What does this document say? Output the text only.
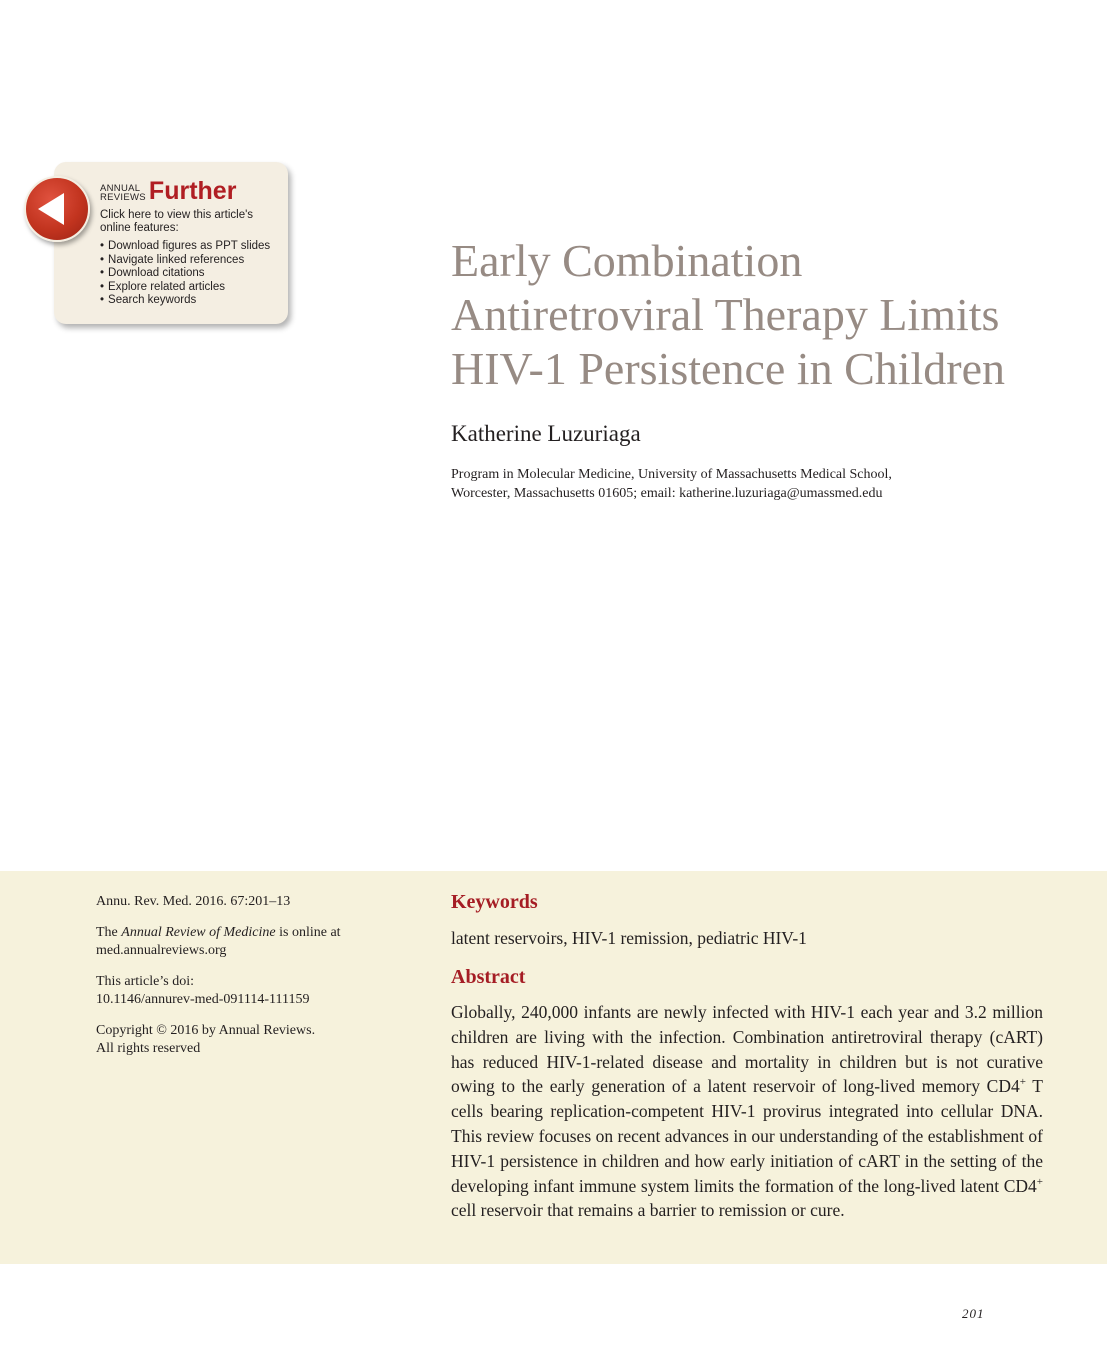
ANNUAL
REVIEWS Further
Click here to view this article's online features:
• Download figures as PPT slides
• Navigate linked references
• Download citations
• Explore related articles
• Search keywords
Early Combination
Antiretroviral Therapy Limits
HIV-1 Persistence in Children
Katherine Luzuriaga
Program in Molecular Medicine, University of Massachusetts Medical School,
Worcester, Massachusetts 01605; email: katherine.luzuriaga@umassmed.edu

Annu. Rev. Med. 2016. 67:201–13

The Annual Review of Medicine is online at
med.annualreviews.org

This article’s doi:
10.1146/annurev-med-091114-111159

Copyright © 2016 by Annual Reviews.
All rights reserved

Keywords
latent reservoirs, HIV-1 remission, pediatric HIV-1
Abstract

Globally, 240,000 infants are newly infected with HIV-1 each year and 3.2 million children are living with the infection. Combination antiretroviral therapy (cART) has reduced HIV-1-related disease and mortality in children but is not curative owing to the early generation of a latent reservoir of long-lived memory CD4+ T cells bearing replication-competent HIV-1 provirus integrated into cellular DNA. This review focuses on recent advances in our understanding of the establishment of HIV-1 persistence in children and how early initiation of cART in the setting of the developing infant immune system limits the formation of the long-lived latent CD4+ cell reservoir that remains a barrier to remission or cure.

201
